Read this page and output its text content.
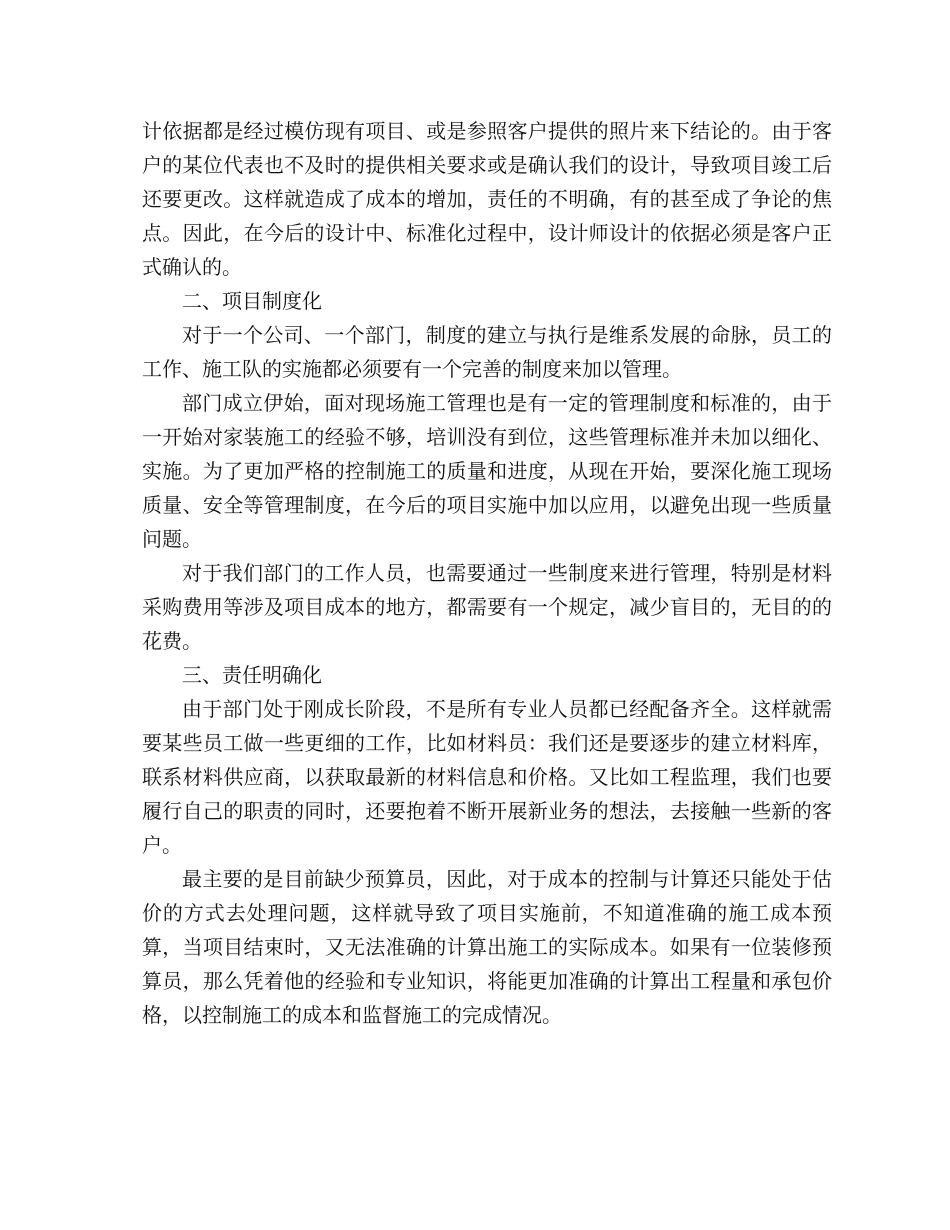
计依据都是经过模仿现有项目、或是参照客户提供的照片来下结论的。由于客户的某位代表也不及时的提供相关要求或是确认我们的设计，导致项目竣工后还要更改。这样就造成了成本的增加，责任的不明确，有的甚至成了争论的焦点。因此，在今后的设计中、标准化过程中，设计师设计的依据必须是客户正式确认的。

二、项目制度化

对于一个公司、一个部门，制度的建立与执行是维系发展的命脉，员工的工作、施工队的实施都必须要有一个完善的制度来加以管理。

部门成立伊始，面对现场施工管理也是有一定的管理制度和标准的，由于一开始对家装施工的经验不够，培训没有到位，这些管理标准并未加以细化、实施。为了更加严格的控制施工的质量和进度，从现在开始，要深化施工现场质量、安全等管理制度，在今后的项目实施中加以应用，以避免出现一些质量问题。

对于我们部门的工作人员，也需要通过一些制度来进行管理，特别是材料采购费用等涉及项目成本的地方，都需要有一个规定，减少盲目的，无目的的花费。

三、责任明确化

由于部门处于刚成长阶段，不是所有专业人员都已经配备齐全。这样就需要某些员工做一些更细的工作，比如材料员：我们还是要逐步的建立材料库，联系材料供应商，以获取最新的材料信息和价格。又比如工程监理，我们也要履行自己的职责的同时，还要抱着不断开展新业务的想法，去接触一些新的客户。

最主要的是目前缺少预算员，因此，对于成本的控制与计算还只能处于估价的方式去处理问题，这样就导致了项目实施前，不知道准确的施工成本预算，当项目结束时，又无法准确的计算出施工的实际成本。如果有一位装修预算员，那么凭着他的经验和专业知识，将能更加准确的计算出工程量和承包价格，以控制施工的成本和监督施工的完成情况。
